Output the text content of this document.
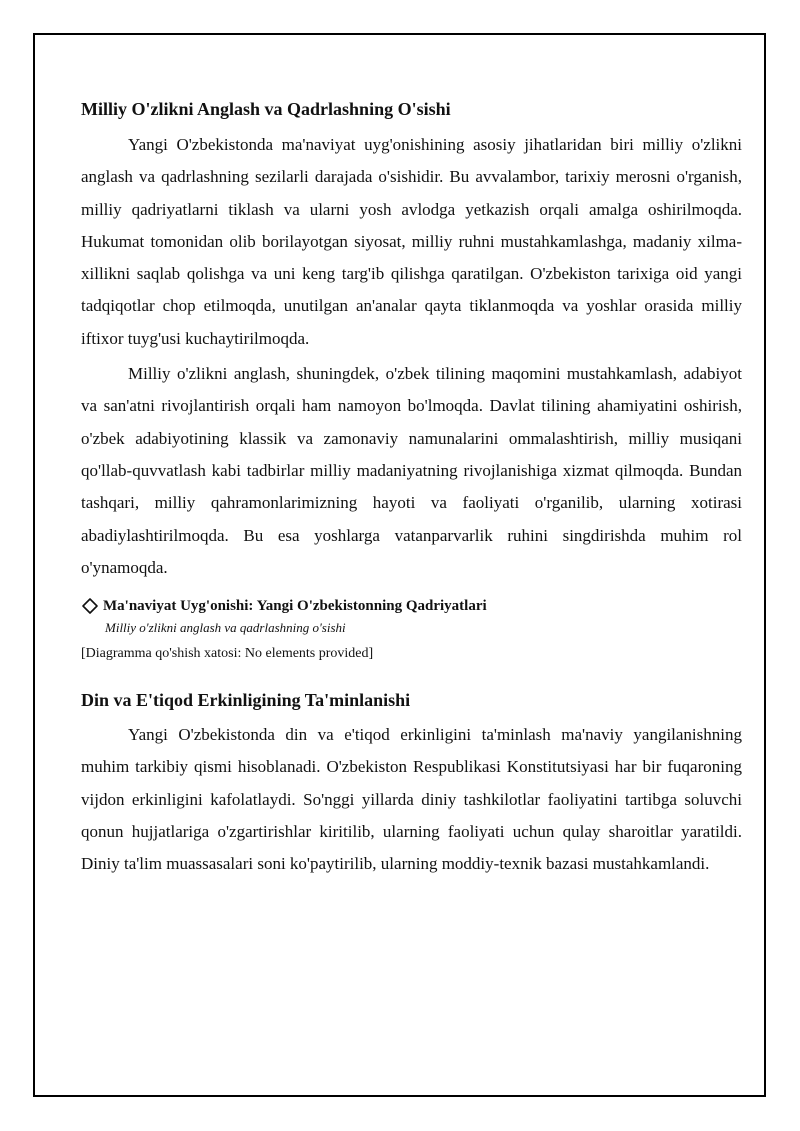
Milliy O'zlikni Anglash va Qadrlashning O'sishi

Yangi O'zbekistonda ma'naviyat uyg'onishining asosiy jihatlaridan biri milliy o'zlikni anglash va qadrlashning sezilarli darajada o'sishidir. Bu avvalambor, tarixiy merosni o'rganish, milliy qadriyatlarni tiklash va ularni yosh avlodga yetkazish orqali amalga oshirilmoqda. Hukumat tomonidan olib borilayotgan siyosat, milliy ruhni mustahkamlashga, madaniy xilma-xillikni saqlab qolishga va uni keng targ'ib qilishga qaratilgan. O'zbekiston tarixiga oid yangi tadqiqotlar chop etilmoqda, unutilgan an'analar qayta tiklanmoqda va yoshlar orasida milliy iftixor tuyg'usi kuchaytirilmoqda.

Milliy o'zlikni anglash, shuningdek, o'zbek tilining maqomini mustahkamlash, adabiyot va san'atni rivojlantirish orqali ham namoyon bo'lmoqda. Davlat tilining ahamiyatini oshirish, o'zbek adabiyotining klassik va zamonaviy namunalarini ommalashtirish, milliy musiqani qo'llab-quvvatlash kabi tadbirlar milliy madaniyatning rivojlanishiga xizmat qilmoqda. Bundan tashqari, milliy qahramonlarimizning hayoti va faoliyati o'rganilib, ularning xotirasi abadiylashtirilmoqda. Bu esa yoshlarga vatanparvarlik ruhini singdirishda muhim rol o'ynamoqda.

Ma'naviyat Uyg'onishi: Yangi O'zbekistonning Qadriyatlari
Milliy o'zlikni anglash va qadrlashning o'sishi
[Diagramma qo'shish xatosi: No elements provided]
Din va E'tiqod Erkinligining Ta'minlanishi

Yangi O'zbekistonda din va e'tiqod erkinligini ta'minlash ma'naviy yangilanishning muhim tarkibiy qismi hisoblanadi. O'zbekiston Respublikasi Konstitutsiyasi har bir fuqaroning vijdon erkinligini kafolatlaydi. So'nggi yillarda diniy tashkilotlar faoliyatini tartibga soluvchi qonun hujjatlariga o'zgartirishlar kiritilib, ularning faoliyati uchun qulay sharoitlar yaratildi. Diniy ta'lim muassasalari soni ko'paytirilib, ularning moddiy-texnik bazasi mustahkamlandi.
